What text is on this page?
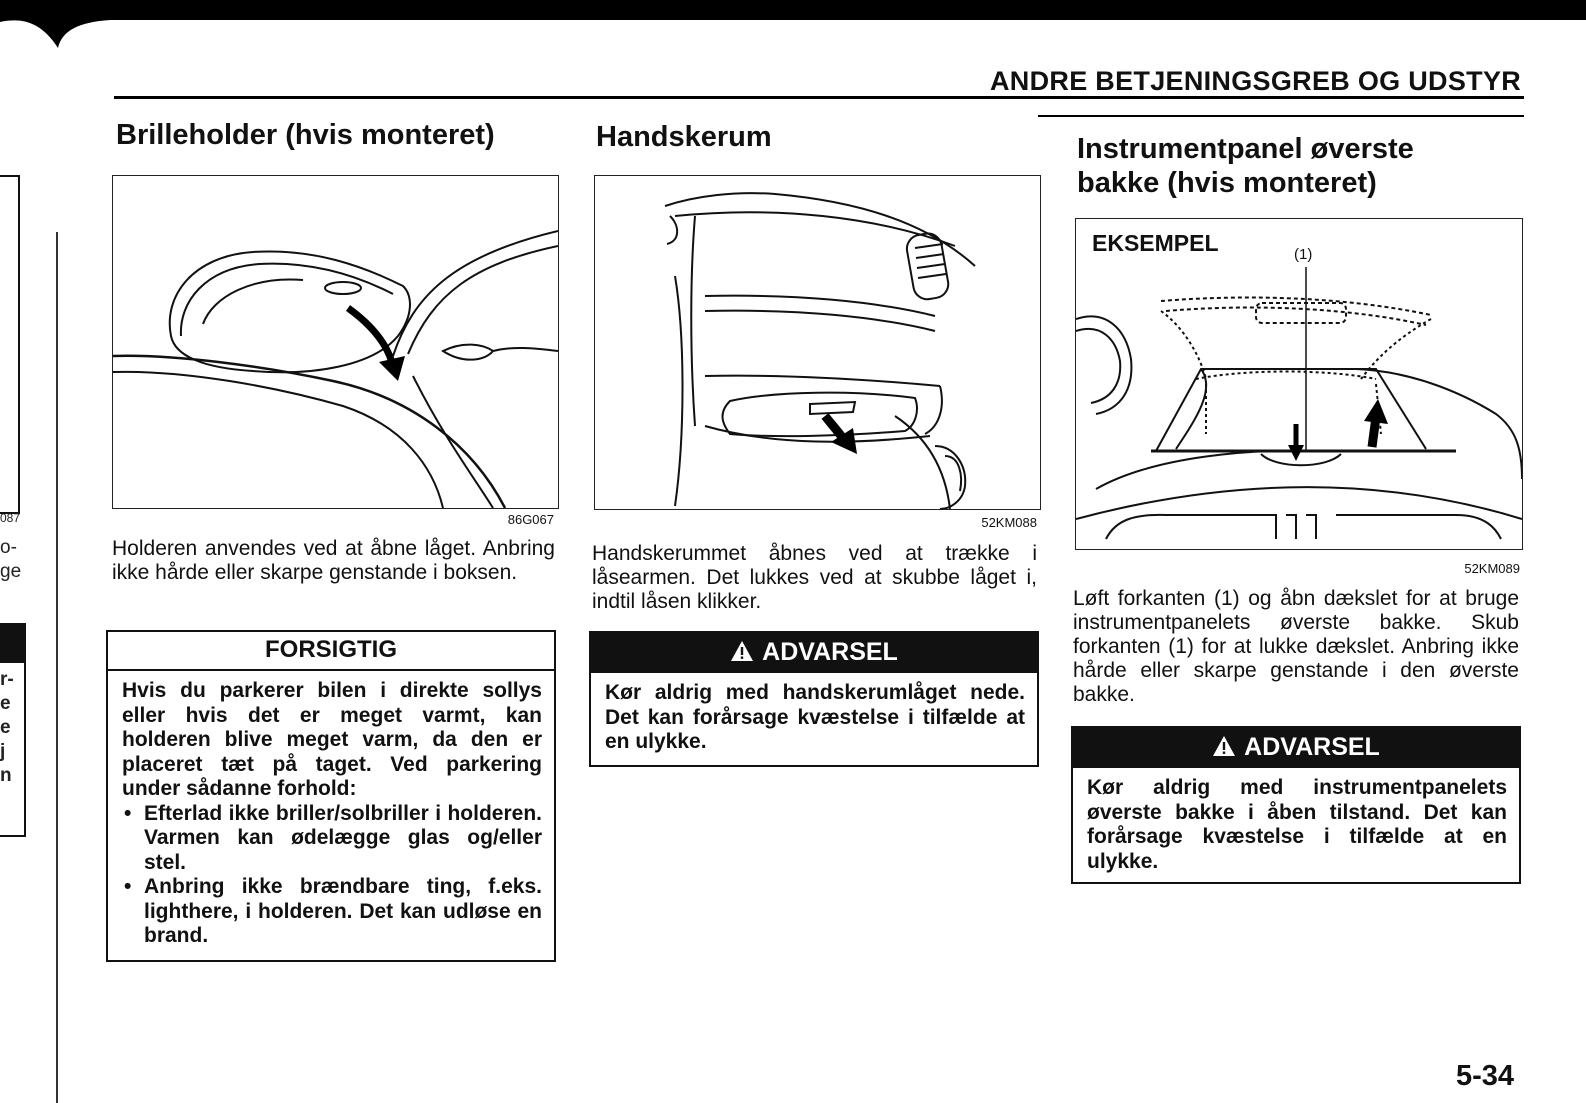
087
o-
ge
r-
e
e
j
n
ANDRE BETJENINGSGREB OG UDSTYR
Brilleholder (hvis monteret)
86G067
Holderen anvendes ved at åbne låget. Anbring ikke hårde eller skarpe genstande i boksen.
FORSIGTIG
Hvis du parkerer bilen i direkte sollys eller hvis det er meget varmt, kan holderen blive meget varm, da den er placeret tæt på taget. Ved parkering under sådanne forhold:
• Efterlad ikke briller/solbriller i holderen. Varmen kan ødelægge glas og/eller stel.
• Anbring ikke brændbare ting, f.eks. lighthere, i holderen. Det kan udløse en brand.
Handskerum
52KM088
Handskerummet åbnes ved at trække i låsearmen. Det lukkes ved at skubbe låget i, indtil låsen klikker.
ADVARSEL
Kør aldrig med handskerumlåget nede. Det kan forårsage kvæstelse i tilfælde at en ulykke.
Instrumentpanel øverste
bakke (hvis monteret)
EKSEMPEL	(1)
52KM089
Løft forkanten (1) og åbn dækslet for at bruge instrumentpanelets øverste bakke. Skub forkanten (1) for at lukke dækslet. Anbring ikke hårde eller skarpe genstande i den øverste bakke.
ADVARSEL
Kør aldrig med instrumentpanelets øverste bakke i åben tilstand. Det kan forårsage kvæstelse i tilfælde at en ulykke.
5-34
